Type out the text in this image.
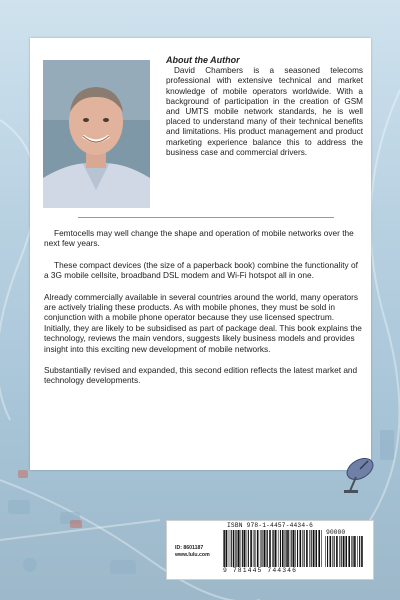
About the Author
David Chambers is a seasoned telecoms professional with extensive technical and market knowledge of mobile operators worldwide. With a background of participation in the creation of GSM and UMTS mobile network standards, he is well placed to understand many of their technical benefits and limitations. His product management and product marketing experience balance this to address the business case and commercial drivers.

Femtocells may well change the shape and operation of mobile networks over the next few years.

These compact devices (the size of a paperback book) combine the functionality of a 3G mobile cellsite, broadband DSL modem and Wi-Fi hotspot all in one.

Already commercially available in several countries around the world, many operators are actively trialing these products. As with mobile phones, they must be sold in conjunction with a mobile phone operator because they use licensed spectrum. Initially, they are likely to be subsidised as part of package deal. This book explains the technology, reviews the main vendors, suggests likely business models and provides insight into this exciting new development of mobile networks.

Substantially revised and expanded, this second edition reflects the latest market and technology developments.

ID: 8601187
www.lulu.com
ISBN 978-1-4457-4434-6
90000
9 781445 744346
